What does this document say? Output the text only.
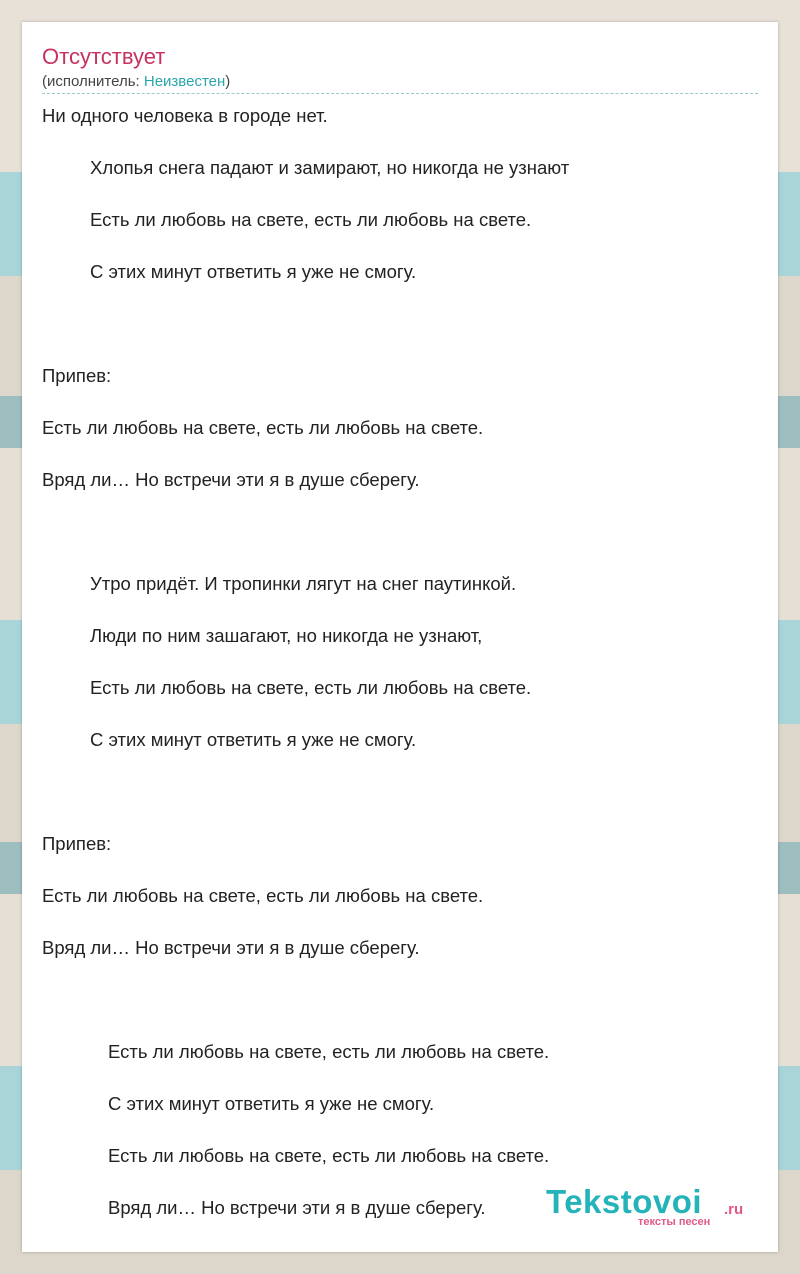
Отсутствует
(исполнитель: Неизвестен)
Ни одного человека в городе нет.
Хлопья снега падают и замирают, но никогда не узнают
Есть ли любовь на свете, есть ли любовь на свете.
С этих минут ответить я уже не смогу.
Припев:
Есть ли любовь на свете, есть ли любовь на свете.
Вряд ли… Но встречи эти я в душе сберегу.
Утро придёт. И тропинки лягут на снег паутинкой.
Люди по ним зашагают, но никогда не узнают,
Есть ли любовь на свете, есть ли любовь на свете.
С этих минут ответить я уже не смогу.
Припев:
Есть ли любовь на свете, есть ли любовь на свете.
Вряд ли… Но встречи эти я в душе сберегу.
Есть ли любовь на свете, есть ли любовь на свете.
С этих минут ответить я уже не смогу.
Есть ли любовь на свете, есть ли любовь на свете.
Вряд ли… Но встречи эти я в душе сберегу.	Tekstovoi .ru
тексты песен
